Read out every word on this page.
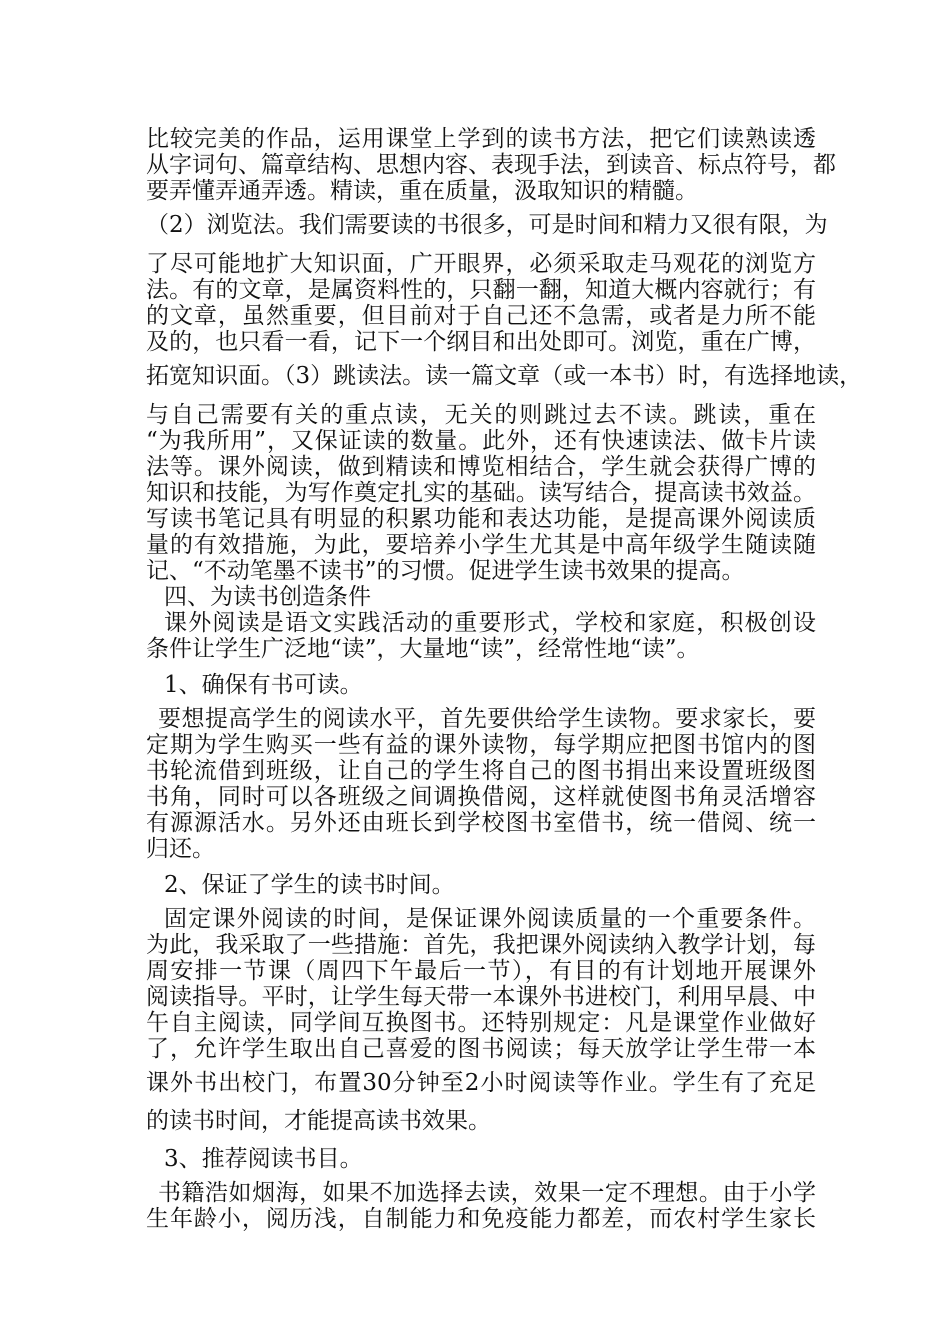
比较完美的作品，运用课堂上学到的读书方法，把它们读熟读透
从字词句、篇章结构、思想内容、表现手法，到读音、标点符号，都
要弄懂弄通弄透。精读，重在质量，汲取知识的精髓。
（2）浏览法。我们需要读的书很多，可是时间和精力又很有限，为
了尽可能地扩大知识面，广开眼界，必须采取走马观花的浏览方
法。有的文章，是属资料性的，只翻一翻，知道大概内容就行；有
的文章，虽然重要，但目前对于自己还不急需，或者是力所不能
及的，也只看一看，记下一个纲目和出处即可。浏览，重在广博，
拓宽知识面。（3）跳读法。读一篇文章（或一本书）时，有选择地读，
与自己需要有关的重点读，无关的则跳过去不读。跳读，重在
“为我所用”，又保证读的数量。此外，还有快速读法、做卡片读
法等。课外阅读，做到精读和博览相结合，学生就会获得广博的
知识和技能，为写作奠定扎实的基础。读写结合，提高读书效益。
写读书笔记具有明显的积累功能和表达功能，是提高课外阅读质
量的有效措施，为此，要培养小学生尤其是中高年级学生随读随
记、“不动笔墨不读书”的习惯。促进学生读书效果的提高。
四、为读书创造条件
课外阅读是语文实践活动的重要形式，学校和家庭，积极创设
条件让学生广泛地“读”，大量地“读”，经常性地“读”。
1、确保有书可读。
要想提高学生的阅读水平，首先要供给学生读物。要求家长，要
定期为学生购买一些有益的课外读物，每学期应把图书馆内的图
书轮流借到班级，让自己的学生将自己的图书捐出来设置班级图
书角，同时可以各班级之间调换借阅，这样就使图书角灵活增容
有源源活水。另外还由班长到学校图书室借书，统一借阅、统一
归还。
2、保证了学生的读书时间。
固定课外阅读的时间，是保证课外阅读质量的一个重要条件。
为此，我采取了一些措施：首先，我把课外阅读纳入教学计划，每
周安排一节课（周四下午最后一节），有目的有计划地开展课外
阅读指导。平时，让学生每天带一本课外书进校门，利用早晨、中
午自主阅读，同学间互换图书。还特别规定：凡是课堂作业做好
了，允许学生取出自己喜爱的图书阅读；每天放学让学生带一本
课外书出校门，布置30分钟至2小时阅读等作业。学生有了充足
的读书时间，才能提高读书效果。
3、推荐阅读书目。
书籍浩如烟海，如果不加选择去读，效果一定不理想。由于小学
生年龄小，阅历浅，自制能力和免疫能力都差，而农村学生家长
